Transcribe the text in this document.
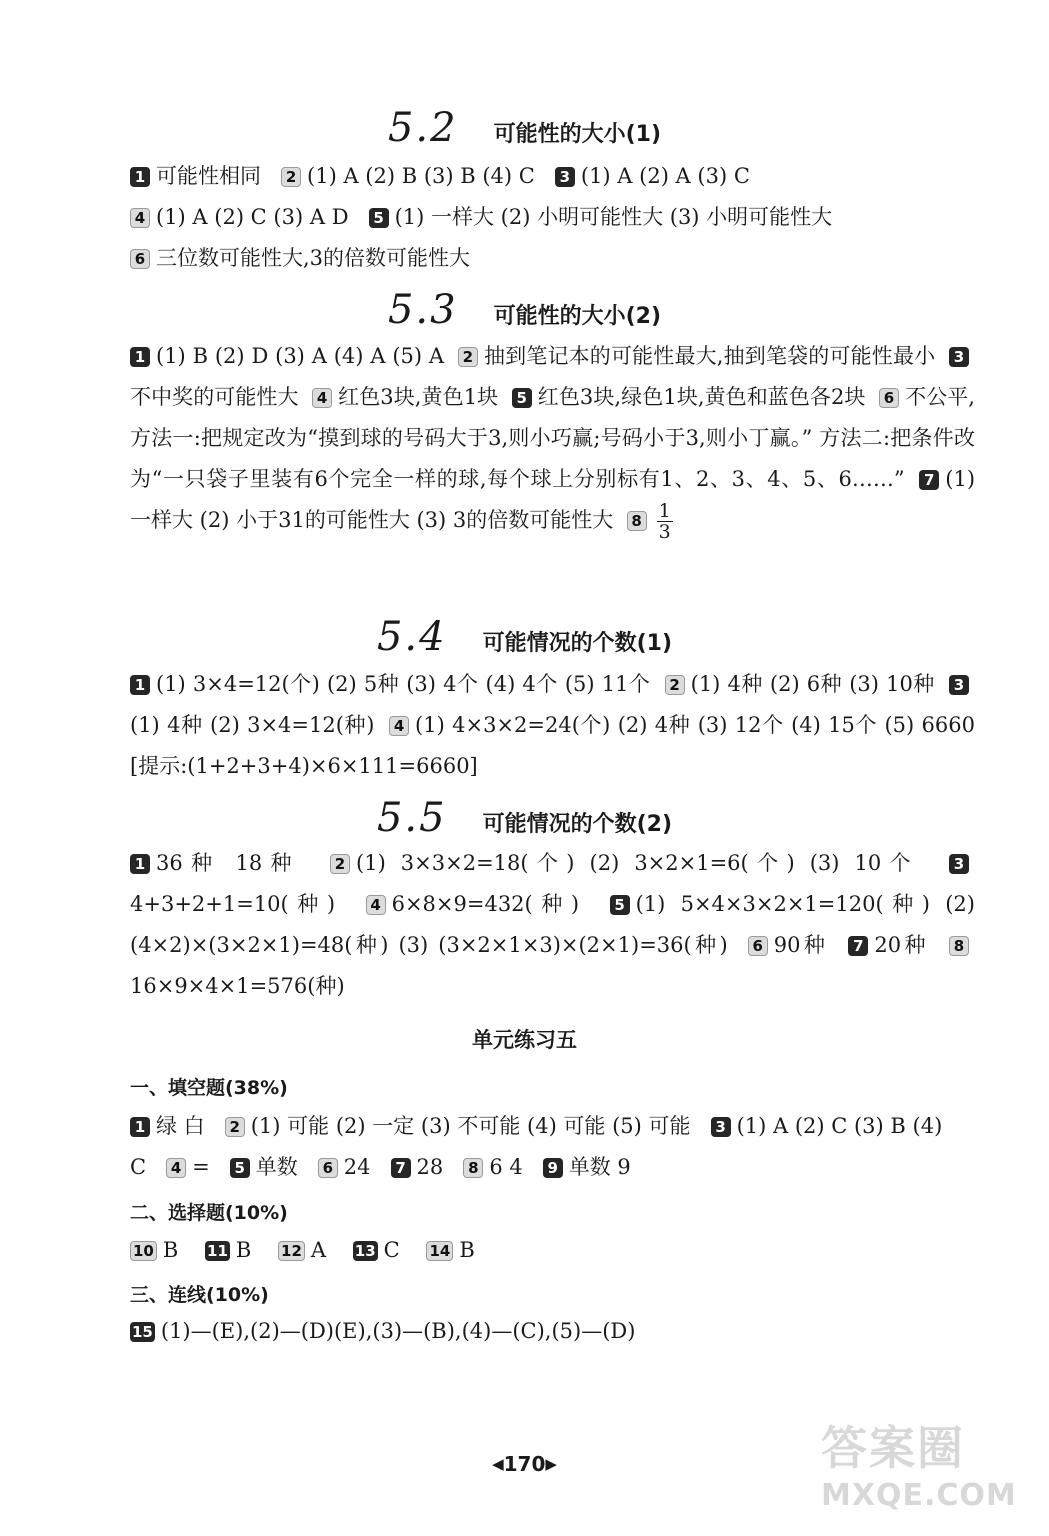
5.2 可能性的大小(1)

1 可能性相同 2 (1) A (2) B (3) B (4) C 3 (1) A (2) A (3) C
4 (1) A (2) C (3) A D 5 (1) 一样大 (2) 小明可能性大 (3) 小明可能性大
6 三位数可能性大,3的倍数可能性大

5.3 可能性的大小(2)

1 (1) B (2) D (3) A (4) A (5) A 2 抽到笔记本的可能性最大,抽到笔袋的可能性最小 3不中奖的可能性大 4 红色3块,黄色1块 5 红色3块,绿色1块,黄色和蓝色各2块 6 不公平,方法一:把规定改为“摸到球的号码大于3,则小巧赢;号码小于3,则小丁赢。” 方法二:把条件改为“一只袋子里装有6个完全一样的球,每个球上分别标有1、2、3、4、5、6……” 7 (1) 一样大 (2) 小于31的可能性大 (3) 3的倍数可能性大 $8 \frac{1}{3}$

5.4 可能情况的个数(1)

1 (1) 3×4=12(个) (2) 5种 (3) 4个 (4) 4个 (5) 11个 2 (1) 4种 (2) 6种 (3) 10种 3(1) 4种 (2) 3×4=12(种) 4 (1) 4×3×2=24(个) (2) 4种 (3) 12个 (4) 15个 (5) 6660 [提示:(1+2+3+4)×6×111=6660]

5.5 可能情况的个数(2)

1 36种 18种 2 (1) 3×3×2=18(个) (2) 3×2×1=6(个) (3) 10个 34+3+2+1=10(种) 4 6×8×9=432(种) 5 (1) 5×4×3×2×1=120(种) (2) (4×2)×(3×2×1)=48(种) (3) (3×2×1×3)×(2×1)=36(种) 6 90种 7 20种 816×9×4×1=576(种)

单元练习五
一、填空题(38%)

1 绿 白 2 (1) 可能 (2) 一定 (3) 不可能 (4) 可能 (5) 可能 3 (1) A (2) C (3) B (4) C 4 = 5 单数 6 24 7 28 8 6 4 9 单数 9

二、选择题(10%)

10 B 11 B 12 A 13 C 14 B

三、连线(10%)

15 (1)—(E),(2)—(D)(E),(3)—(B),(4)—(C),(5)—(D)

◀170▶	答案圈
MXQE.COM
